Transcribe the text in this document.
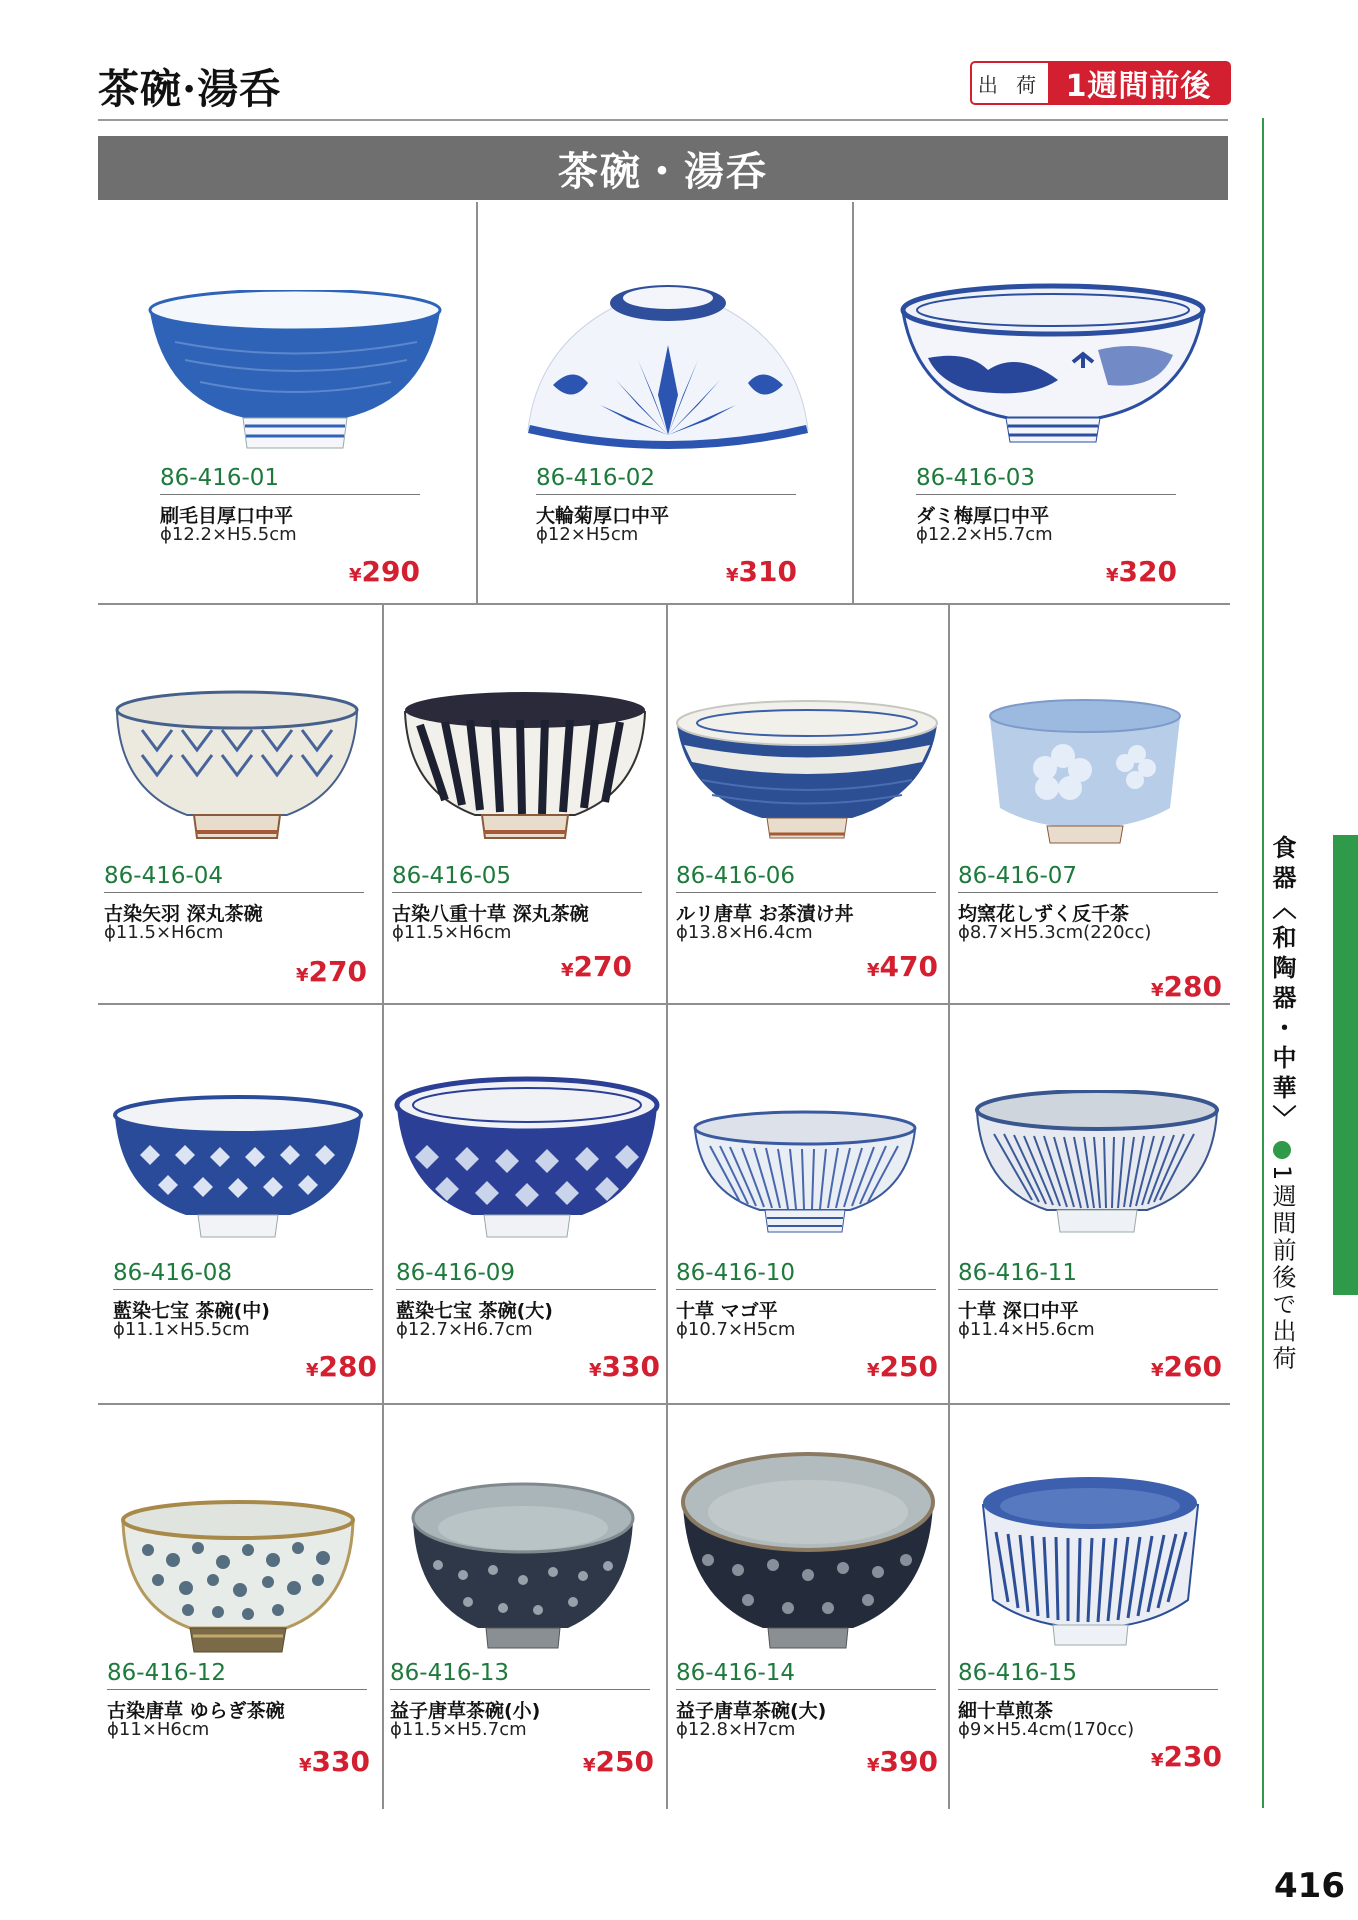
茶碗·湯呑	出 荷 1週間前後
茶碗・湯呑
86-416-01
刷毛目厚口中平
ϕ12.2×H5.5cm
¥290
86-416-02
大輪菊厚口中平
ϕ12×H5cm
¥310
86-416-03
ダミ梅厚口中平
ϕ12.2×H5.7cm
¥320
86-416-04
古染矢羽 深丸茶碗
ϕ11.5×H6cm
¥270
86-416-05
古染八重十草 深丸茶碗
ϕ11.5×H6cm
¥270
86-416-06
ルリ唐草 お茶漬け丼
ϕ13.8×H6.4cm
¥470
86-416-07
均窯花しずく反千茶
ϕ8.7×H5.3cm(220cc)
¥280
86-416-08
藍染七宝 茶碗(中)
ϕ11.1×H5.5cm
¥280
86-416-09
藍染七宝 茶碗(大)
ϕ12.7×H6.7cm
¥330
86-416-10
十草 マゴ平
ϕ10.7×H5cm
¥250
86-416-11
十草 深口中平
ϕ11.4×H5.6cm
¥260
86-416-12
古染唐草 ゆらぎ茶碗
ϕ11×H6cm
¥330
86-416-13
益子唐草茶碗(小)
ϕ11.5×H5.7cm
¥250
86-416-14
益子唐草茶碗(大)
ϕ12.8×H7cm
¥390
86-416-15
細十草煎茶
ϕ9×H5.4cm(170cc)
¥230
食器〈和陶器・中華〉1週間前後で出荷
416
